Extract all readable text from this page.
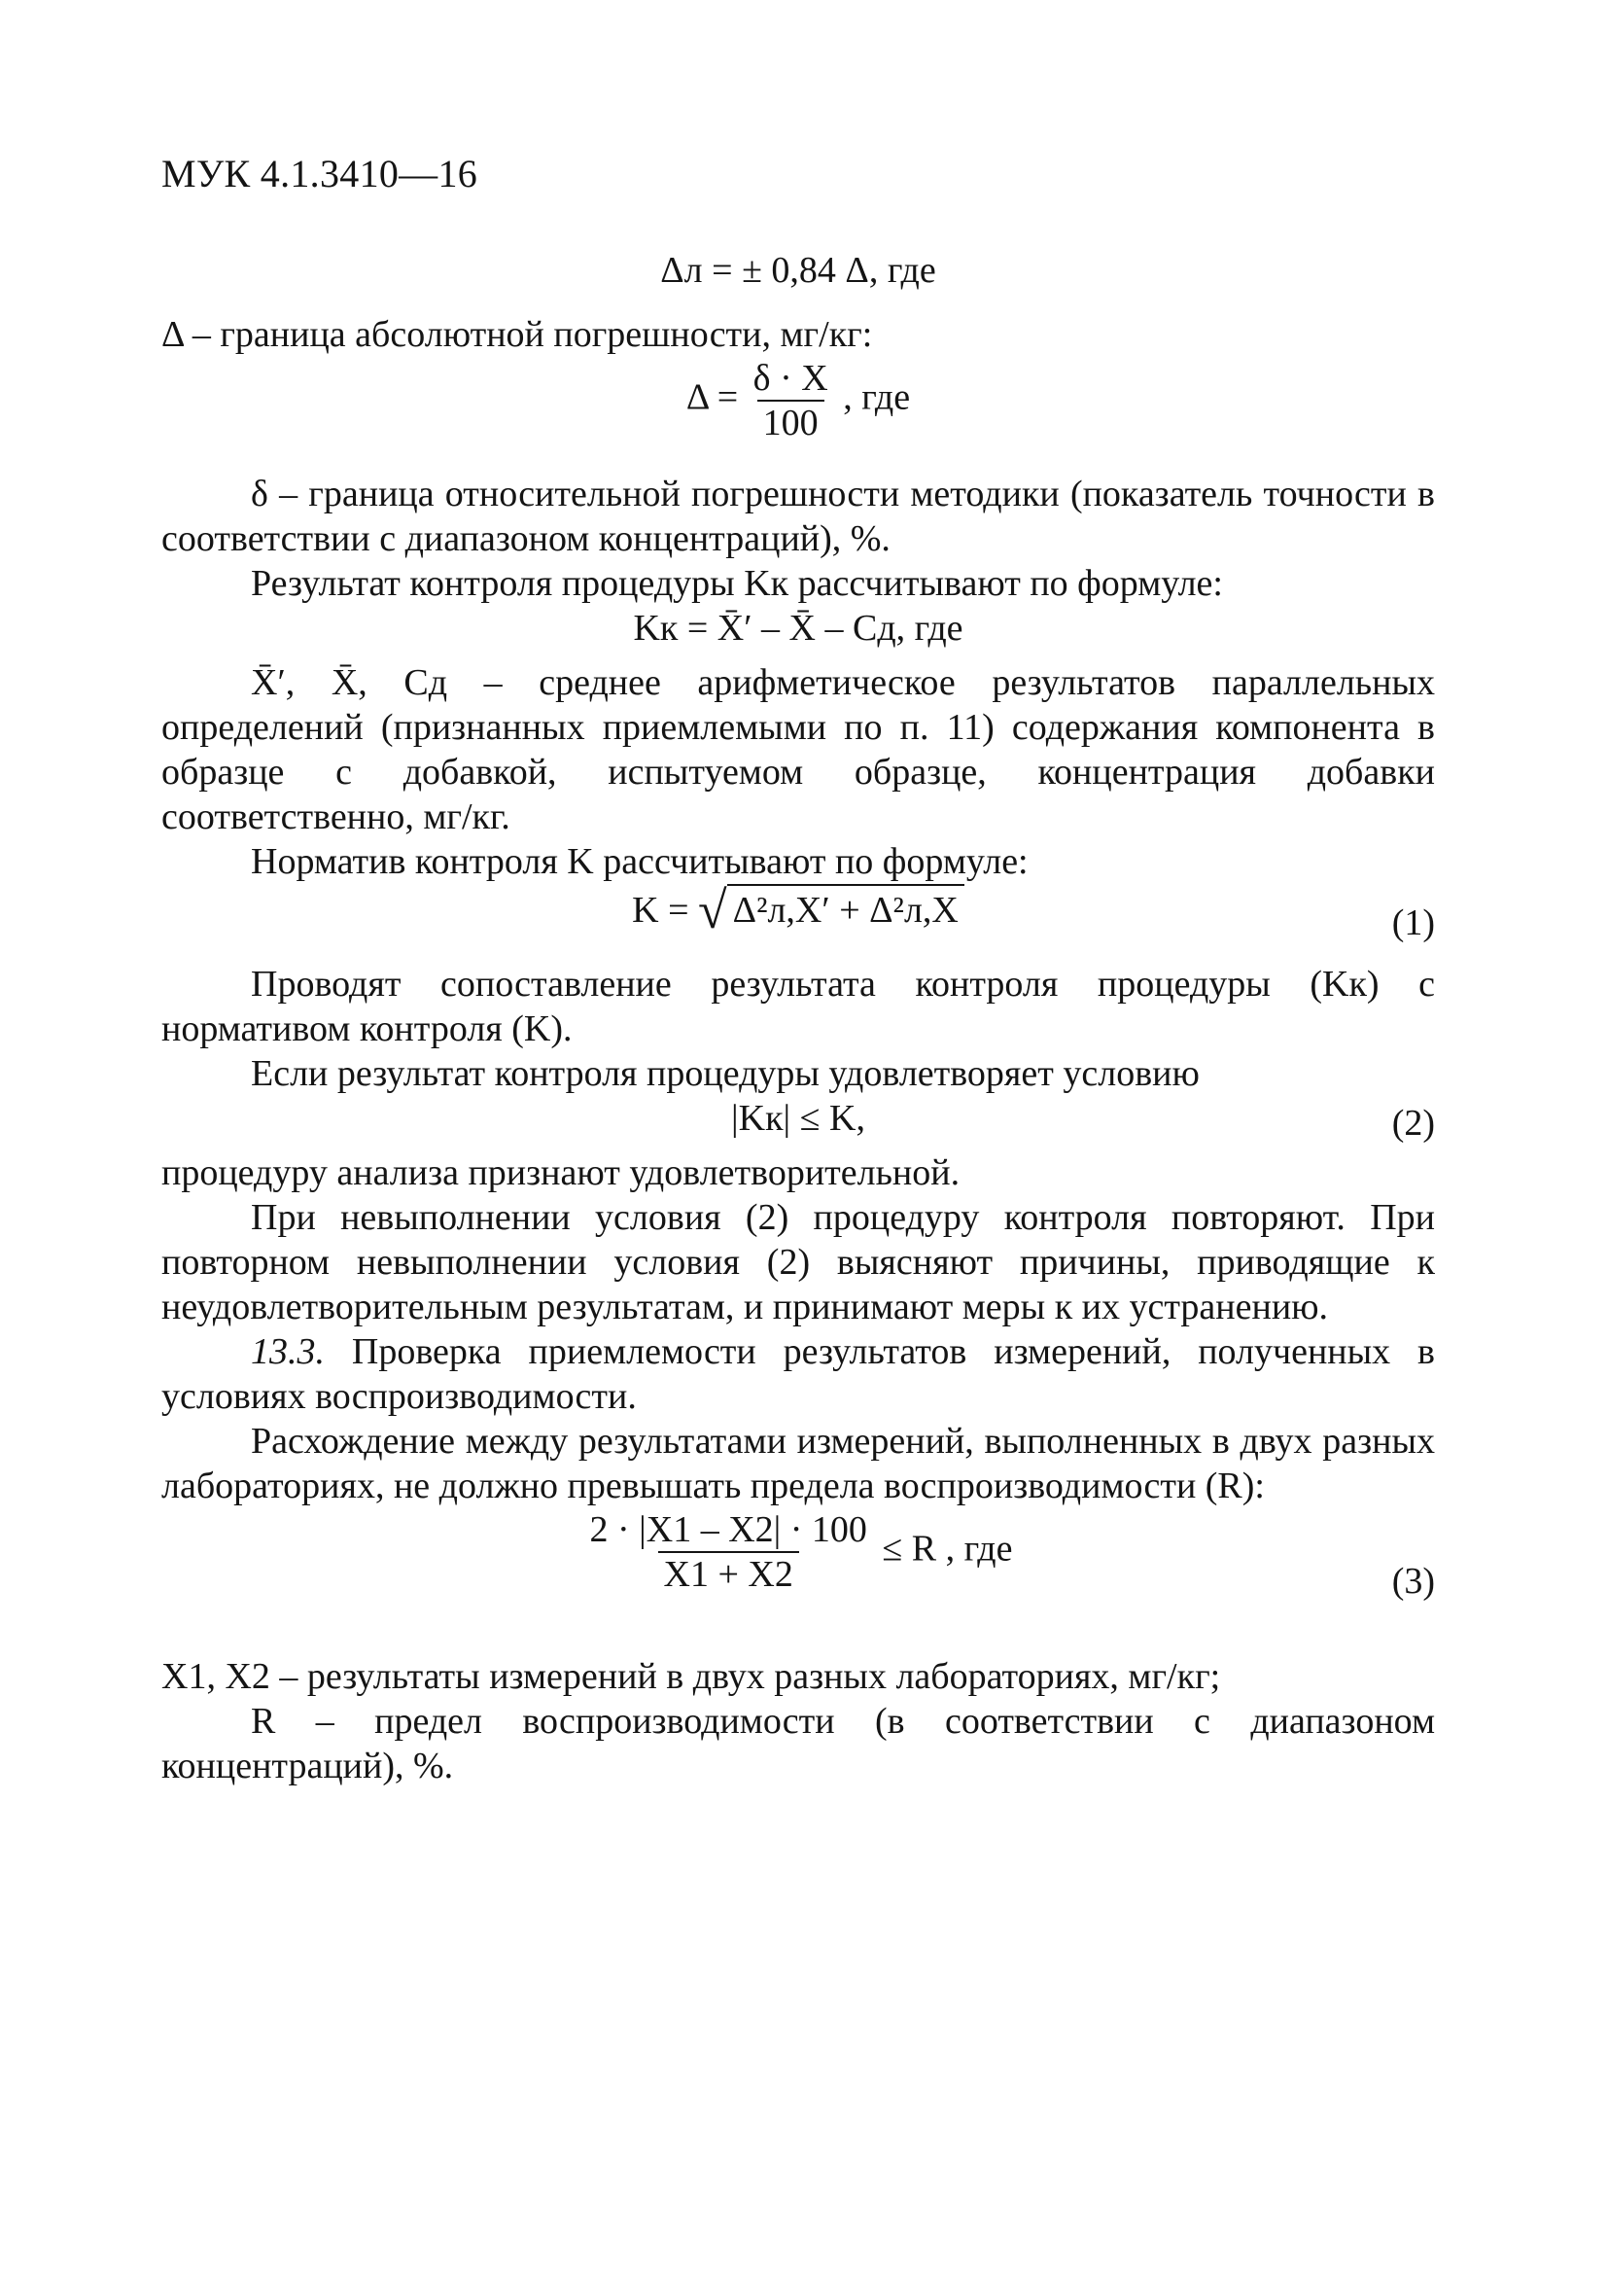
МУК 4.1.3410—16
Δл = ± 0,84 Δ, где

Δ – граница абсолютной погрешности, мг/кг:

$\Delta = \frac{\delta \cdot X}{100}$ , где

δ – граница относительной погрешности методики (показатель точности в соответствии с диапазоном концентраций), %.

Результат контроля процедуры Kк рассчитывают по формуле:

Kк = X̄′ – X̄ – Cд, где

X̄′, X̄, Cд – среднее арифметическое результатов параллельных определений (признанных приемлемыми по п. 11) содержания компонента в образце с добавкой, испытуемом образце, концентрация добавки соответственно, мг/кг.

Норматив контроля K рассчитывают по формуле:

K = √ Δ²л,X′ + Δ²л,X	(1)

Проводят сопоставление результата контроля процедуры (Kк) с нормативом контроля (K).

Если результат контроля процедуры удовлетворяет условию

|Kк| ≤ K,	(2)

процедуру анализа признают удовлетворительной.

При невыполнении условия (2) процедуру контроля повторяют. При повторном невыполнении условия (2) выясняют причины, приводящие к неудовлетворительным результатам, и принимают меры к их устранению.

13.3. Проверка приемлемости результатов измерений, полученных в условиях воспроизводимости.

Расхождение между результатами измерений, выполненных в двух разных лабораториях, не должно превышать предела воспроизводимости (R):

$\frac{2 \cdot |X1 - X2| \cdot 100}{X1 + X2} \le R$ , где
(3)

X1, X2 – результаты измерений в двух разных лабораториях, мг/кг;

R – предел воспроизводимости (в соответствии с диапазоном концентраций), %.
